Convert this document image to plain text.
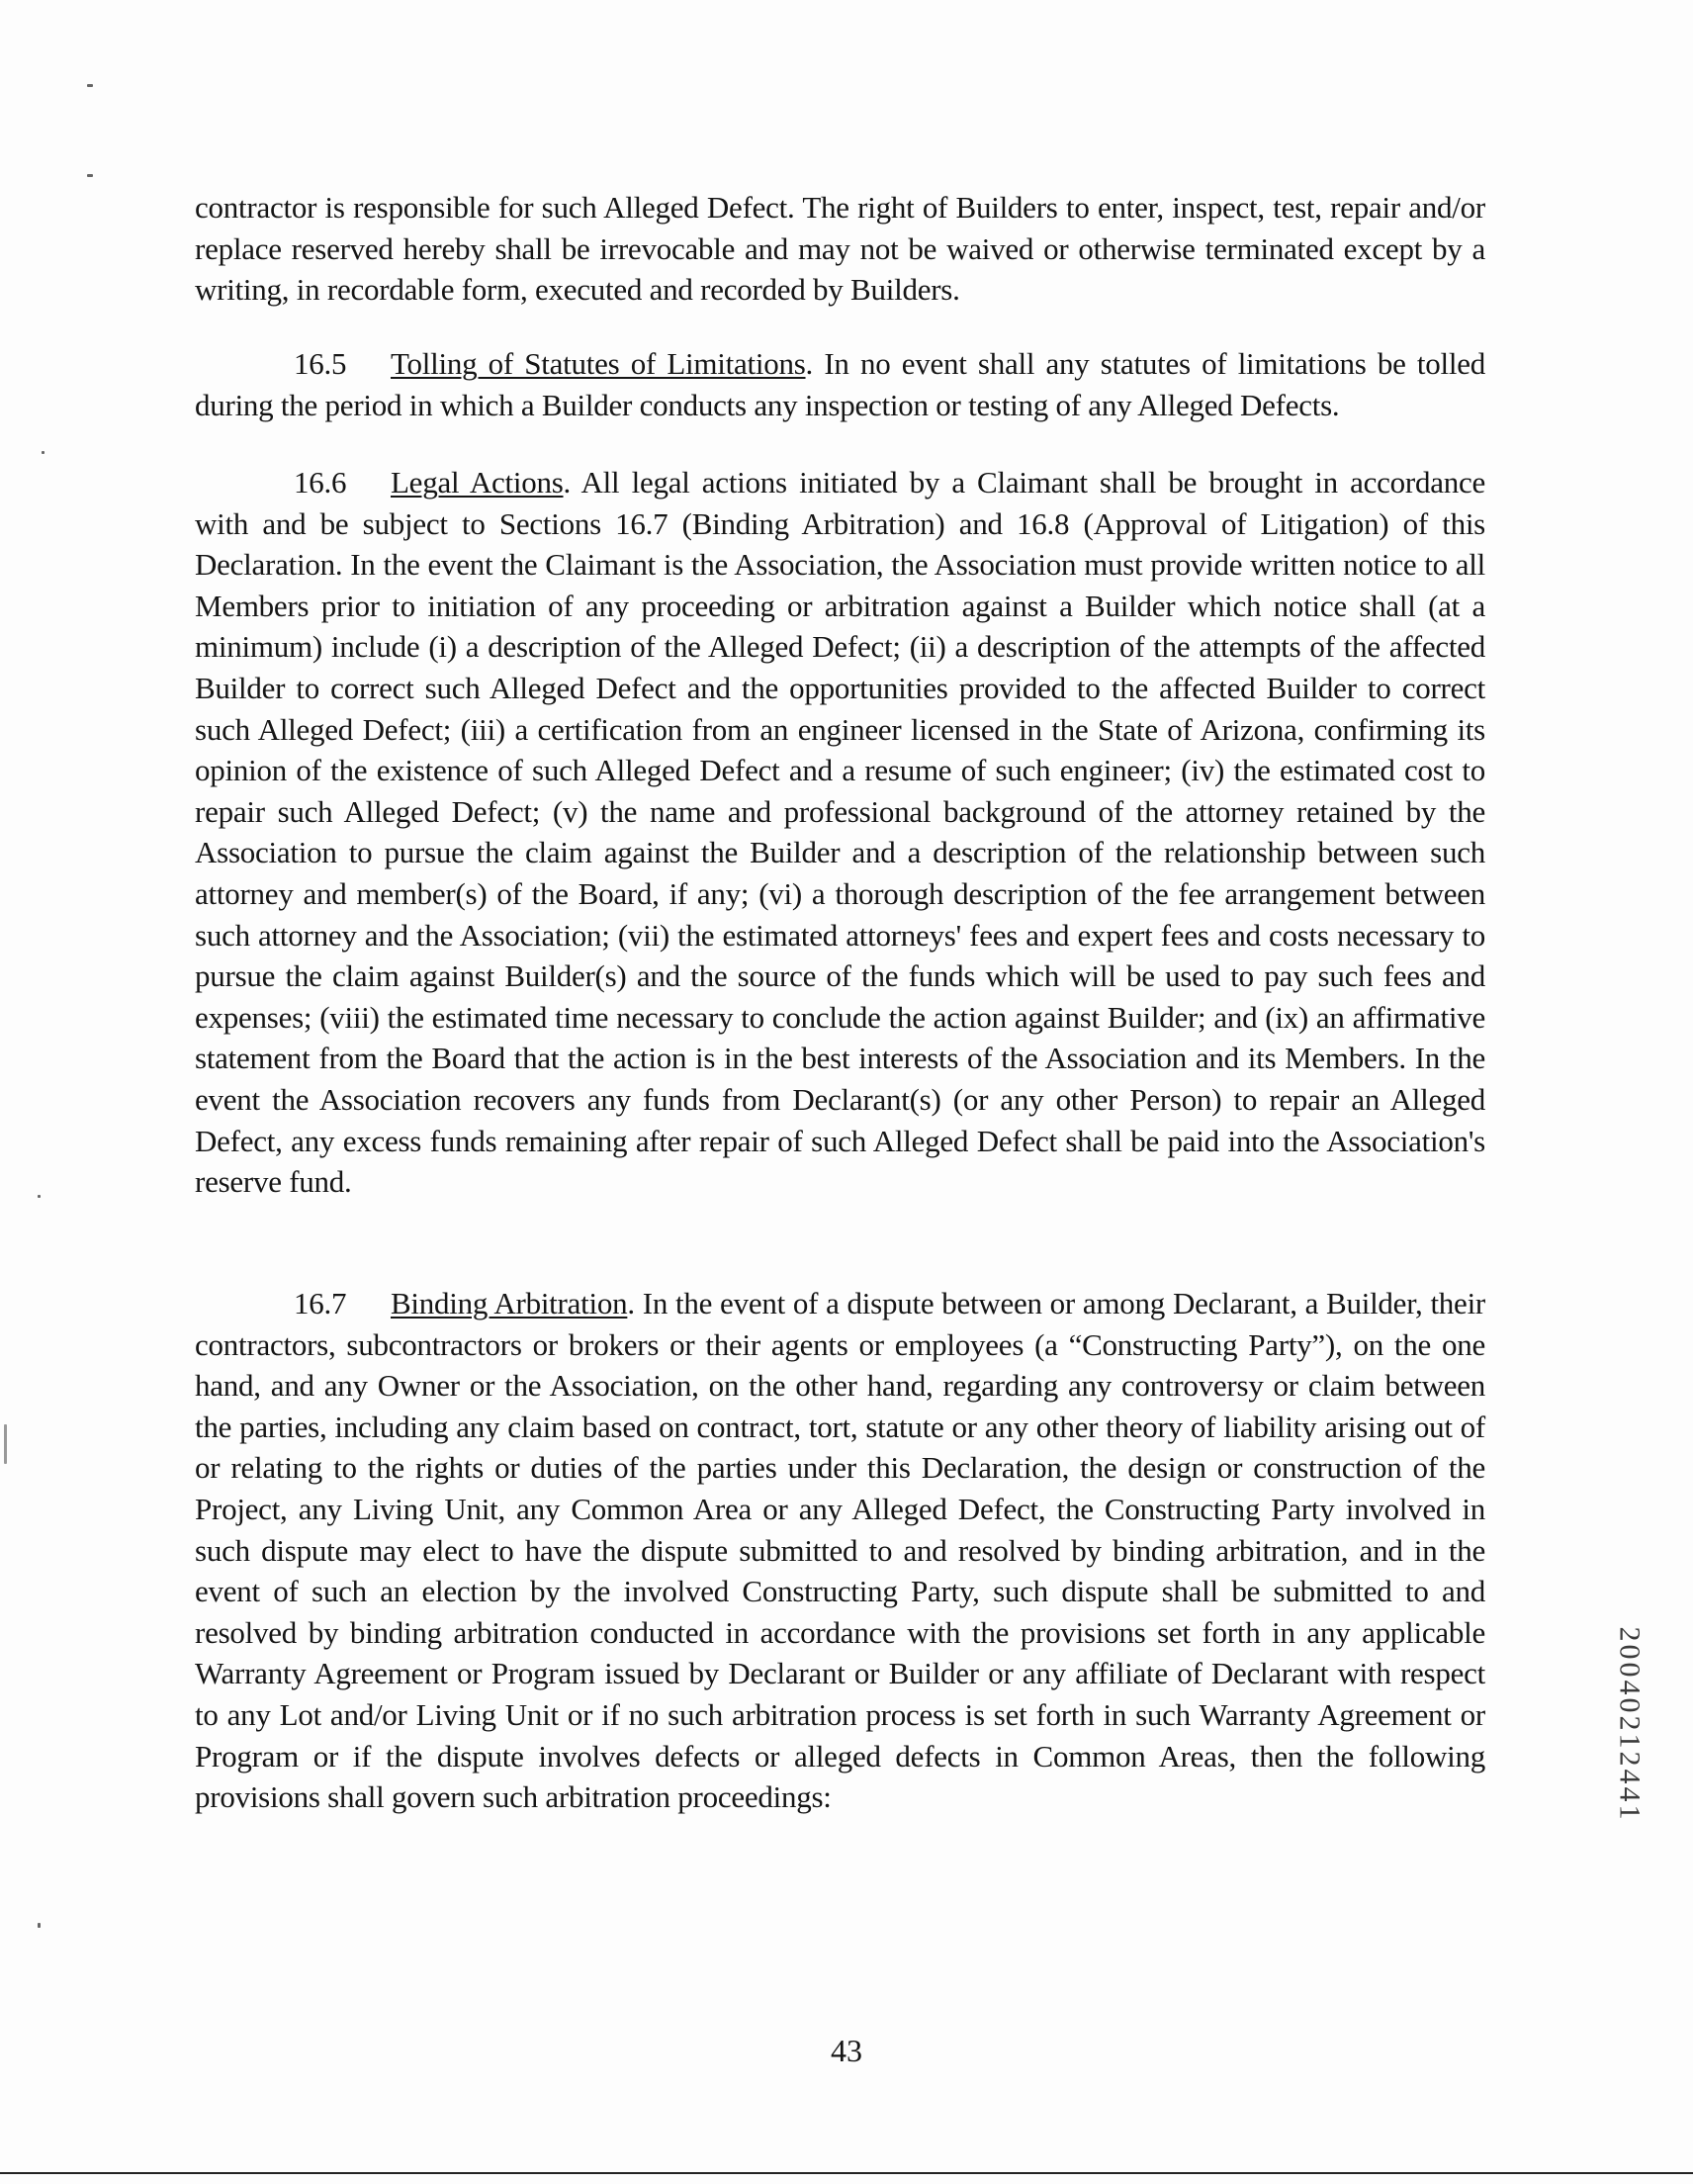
contractor is responsible for such Alleged Defect. The right of Builders to enter, inspect, test, repair and/or replace reserved hereby shall be irrevocable and may not be waived or otherwise terminated except by a writing, in recordable form, executed and recorded by Builders.

16.5 Tolling of Statutes of Limitations. In no event shall any statutes of limitations be tolled during the period in which a Builder conducts any inspection or testing of any Alleged Defects.

16.6 Legal Actions. All legal actions initiated by a Claimant shall be brought in accordance with and be subject to Sections 16.7 (Binding Arbitration) and 16.8 (Approval of Litigation) of this Declaration. In the event the Claimant is the Association, the Association must provide written notice to all Members prior to initiation of any proceeding or arbitration against a Builder which notice shall (at a minimum) include (i) a description of the Alleged Defect; (ii) a description of the attempts of the affected Builder to correct such Alleged Defect and the opportunities provided to the affected Builder to correct such Alleged Defect; (iii) a certification from an engineer licensed in the State of Arizona, confirming its opinion of the existence of such Alleged Defect and a resume of such engineer; (iv) the estimated cost to repair such Alleged Defect; (v) the name and professional background of the attorney retained by the Association to pursue the claim against the Builder and a description of the relationship between such attorney and member(s) of the Board, if any; (vi) a thorough description of the fee arrangement between such attorney and the Association; (vii) the estimated attorneys' fees and expert fees and costs necessary to pursue the claim against Builder(s) and the source of the funds which will be used to pay such fees and expenses; (viii) the estimated time necessary to conclude the action against Builder; and (ix) an affirmative statement from the Board that the action is in the best interests of the Association and its Members. In the event the Association recovers any funds from Declarant(s) (or any other Person) to repair an Alleged Defect, any excess funds remaining after repair of such Alleged Defect shall be paid into the Association's reserve fund.

16.7 Binding Arbitration. In the event of a dispute between or among Declarant, a Builder, their contractors, subcontractors or brokers or their agents or employees (a “Constructing Party”), on the one hand, and any Owner or the Association, on the other hand, regarding any controversy or claim between the parties, including any claim based on contract, tort, statute or any other theory of liability arising out of or relating to the rights or duties of the parties under this Declaration, the design or construction of the Project, any Living Unit, any Common Area or any Alleged Defect, the Constructing Party involved in such dispute may elect to have the dispute submitted to and resolved by binding arbitration, and in the event of such an election by the involved Constructing Party, such dispute shall be submitted to and resolved by binding arbitration conducted in accordance with the provisions set forth in any applicable Warranty Agreement or Program issued by Declarant or Builder or any affiliate of Declarant with respect to any Lot and/or Living Unit or if no such arbitration process is set forth in such Warranty Agreement or Program or if the dispute involves defects or alleged defects in Common Areas, then the following provisions shall govern such arbitration proceedings:	20040212441
43
